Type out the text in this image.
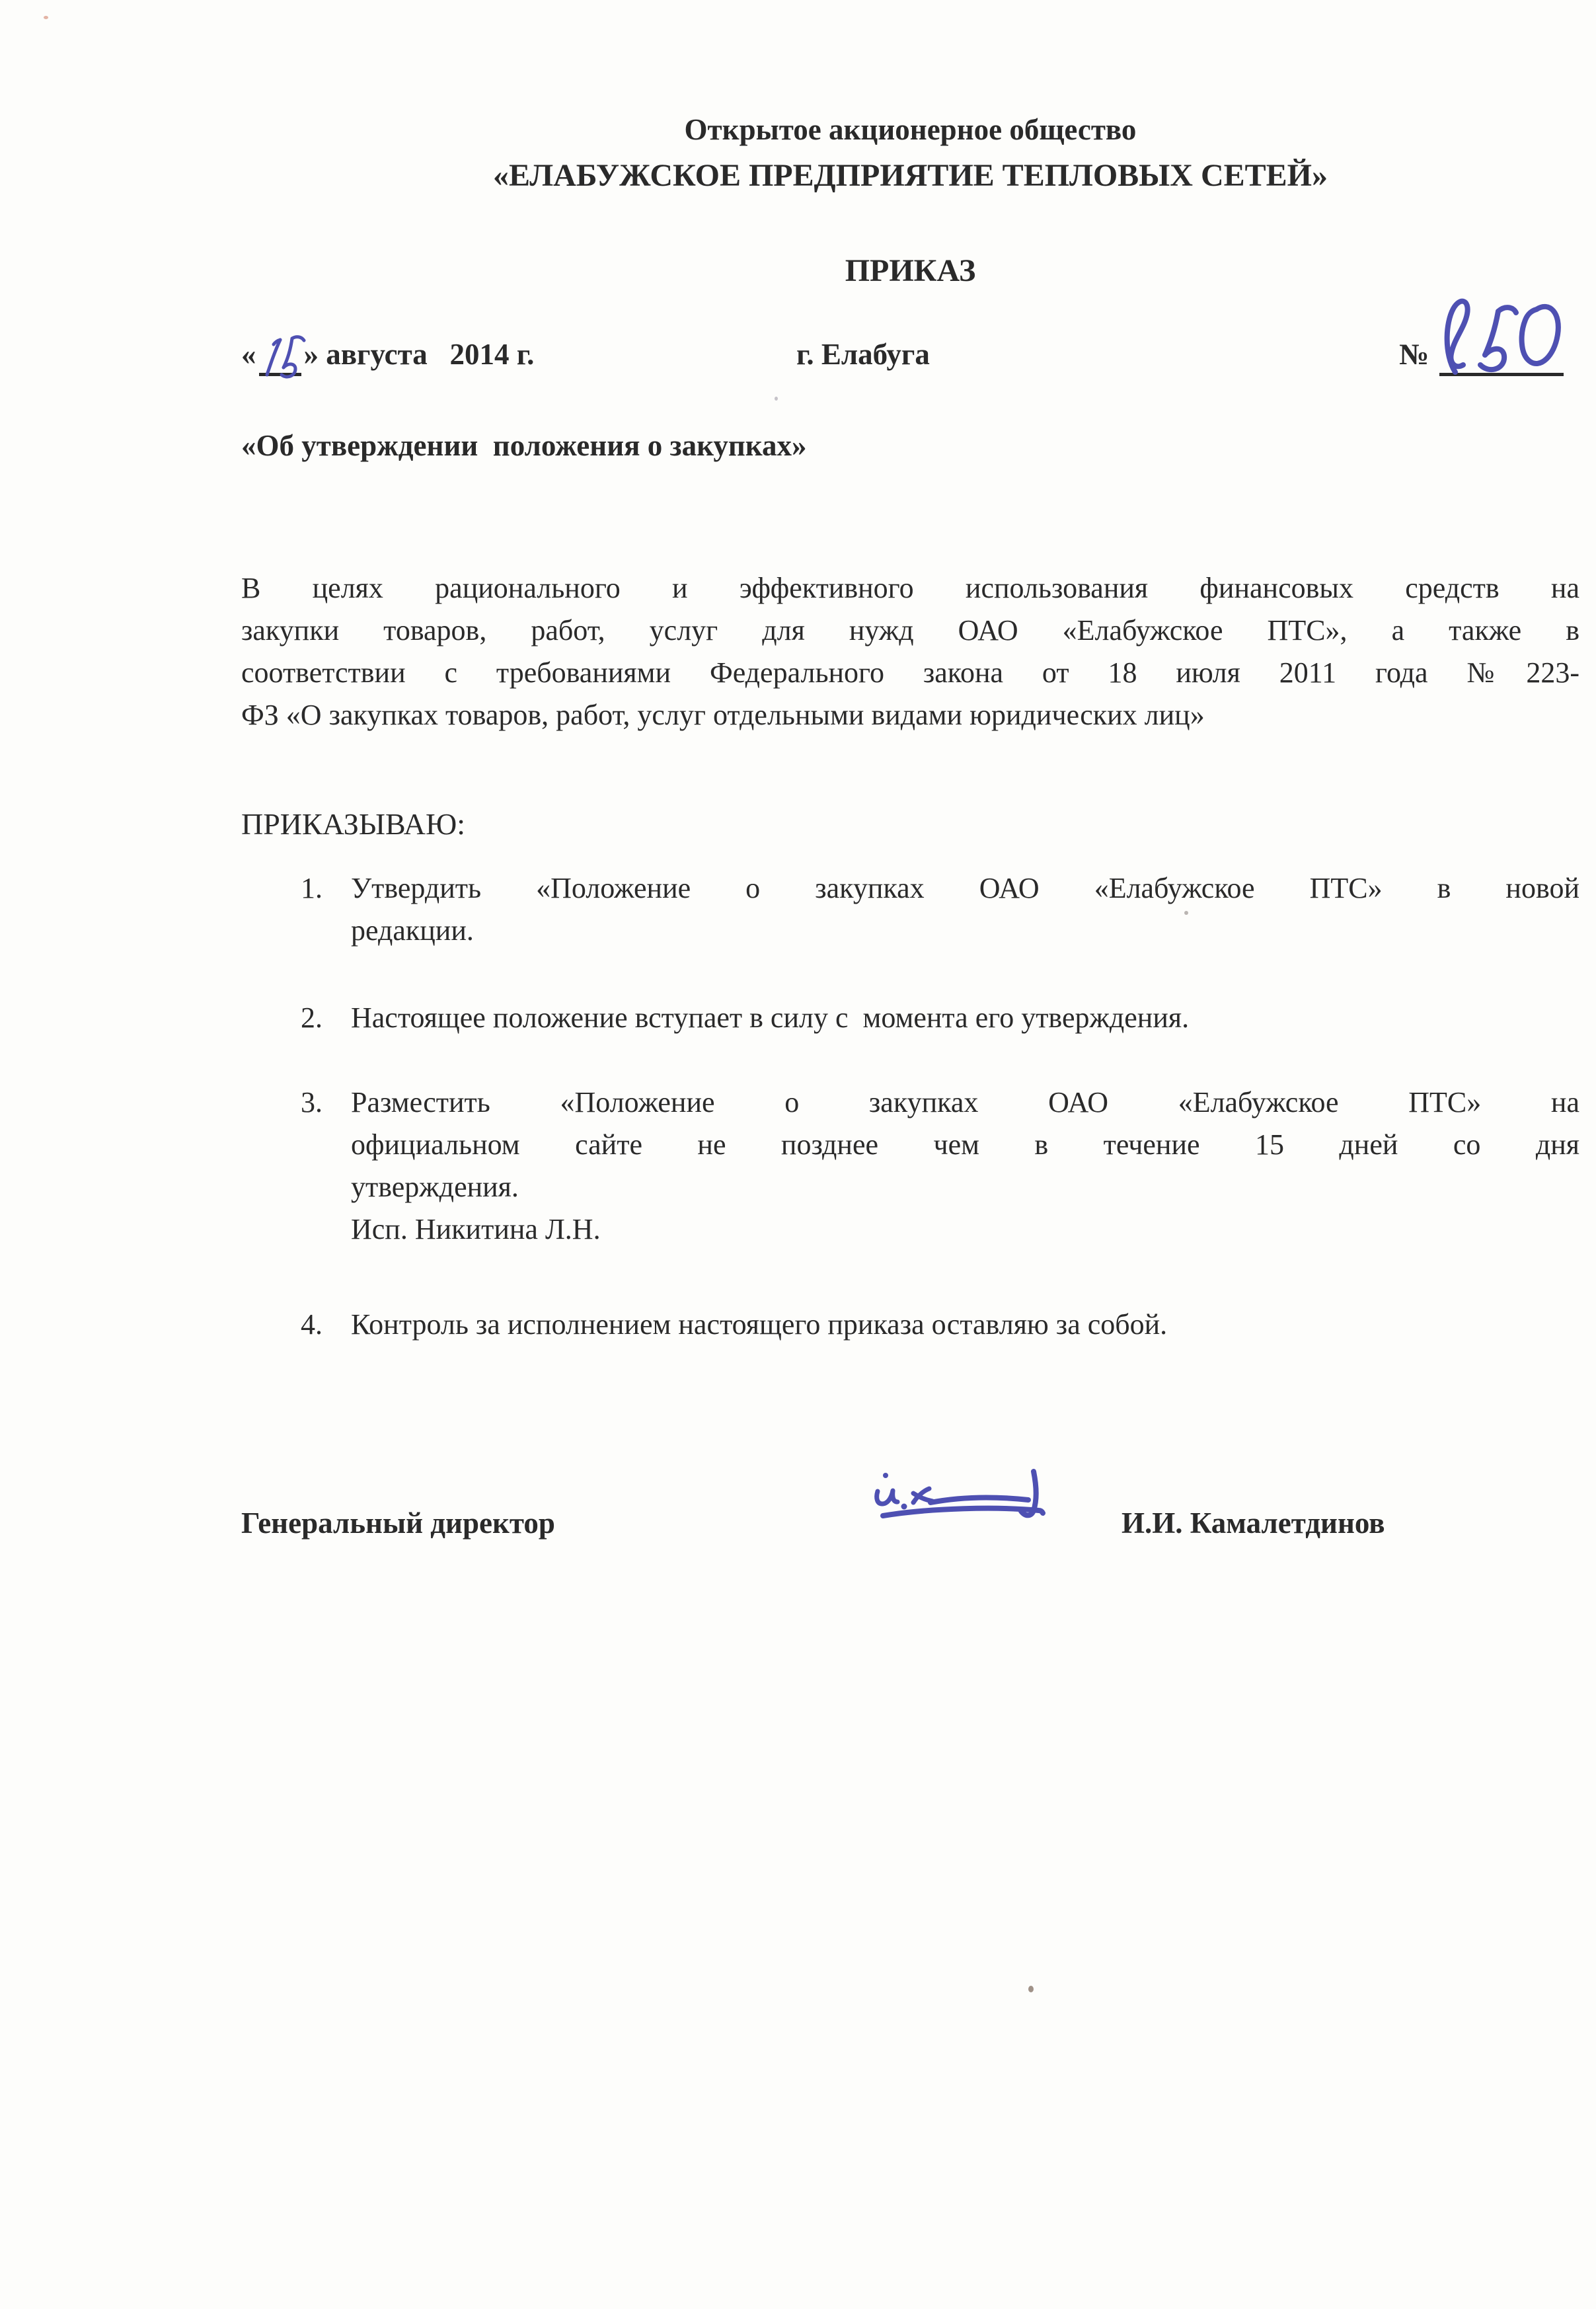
Открытое акционерное общество
«ЕЛАБУЖСКОЕ ПРЕДПРИЯТИЕ ТЕПЛОВЫХ СЕТЕЙ»
ПРИКАЗ
« » августа   2014 г.	г. Елабуга	№
«Об утверждении  положения о закупках»
В целях рационального и эффективного использования финансовых средств на
закупки товаров, работ, услуг для нужд ОАО «Елабужское ПТС», а также в
соответствии с требованиями Федерального закона от 18 июля 2011 года №223-
ФЗ «О закупках товаров, работ, услуг отдельными видами юридических лиц»
ПРИКАЗЫВАЮ:
1. Утвердить «Положение о закупках ОАО «Елабужское ПТС» в новой
редакции.
2. Настоящее положение вступает в силу с  момента его утверждения.
3. Разместить «Положение о закупках ОАО «Елабужское ПТС» на
официальном сайте не позднее чем в течение 15 дней со дня
утверждения.
Исп. Никитина Л.Н.
4. Контроль за исполнением настоящего приказа оставляю за собой.
Генеральный директор	И.И. Камалетдинов
